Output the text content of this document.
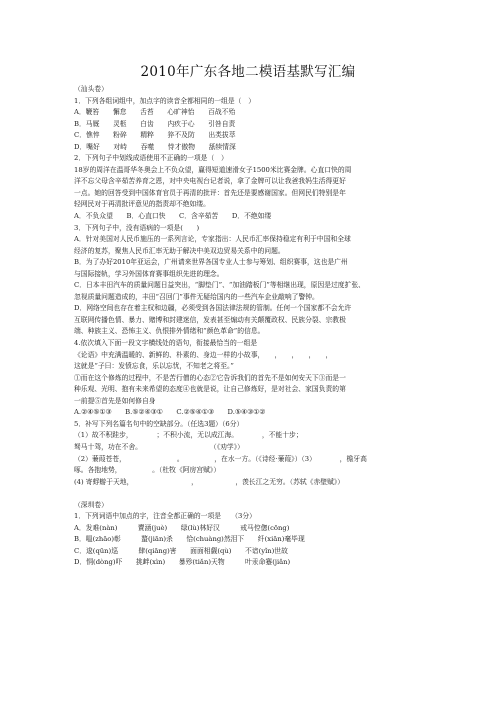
2010年广东各地二模语基默写汇编
（汕头卷）
1．下列各组词组中，加点字的读音全都相同的一组是（　）
A．鞭笞　　懈怠　　舌苔　　心旷神怡　　百战不殆
B．马厩　　灵柩　　白齿　　内疚于心　　引咎自责
C．憔悴　　粉碎　　精粹　　猝不及防　　出类拔萃
D．嘴好　　对峙　　吞噬　　恃才傲物　　舐犊情深
2．下列句子中划线成语使用不正确的一项是（　）
18岁的周洋在温哥华冬奥会上不负众望，赢得短道速滑女子1500米比赛金牌。心直口快的周
洋不忘父母含辛茹苦养育之恩，对中央电视台记者说，拿了金牌可以让我爸我妈生活得更好
一点。她的回答受到中国体育官员于再清的批评：首先还是要感谢国家。但网民们特别是年
轻网民对于再清批评意见的指责却不绝如缕。
A．不负众望　　B．心直口快　　C．含辛茹苦　　D．不绝如缕
3．下列句子中，没有语病的一项是(　　)
A．针对美国对人民币施压的一系列言论，专家指出：人民币汇率保持稳定有利于中国和全球
经济的复苏，聚焦人民币汇率无助于解决中美双边贸易关系中的问题。
B．为了办好2010年亚运会，广州请来世界各国专业人士参与筹划、组织赛事，这也是广州
与国际接轨，学习外国体育赛事组织先进的理念。
C．日本丰田汽车的质量问题日益突出，“脚垫门”、“加油踏板门”等相继出现，原因是过度扩张、
忽视质量问题造成的，丰田“召回门”事件无疑给国内的一些汽车企业敲响了警钟。
D．网络空间也存在着主权和边疆，必须受到各国法律法规的管制。任何一个国家都不会允许
互联网传播色情、暴力、赌博和封建迷信，发表甚至煽动有关颠覆政权、民族分裂、宗教极
端、种族主义、恐怖主义、仇恨排外情绪和“颜色革命”的信息。
4.依次填入下面一段文字横线处的语句，衔接最恰当的一组是
《论语》中充满温暖的、新鲜的、朴素的、身边一样的小故事，　　，　　，　　，　　，
这就是“子曰：发愤忘食，乐以忘忧，不知老之将至。”
①而在这个修炼的过程中，不是苦行僧的心态②它告诉我们的首先不是如何安天下③而是一
种乐观、光明、抱有未来希望的态度④也就是说，让自己修炼好，是对社会、家国负责的第
一前提⑤首先是如何修自身
A.②④⑤①③　　B.⑤②④③①　　C.②⑤④①③　　D.⑤④③①②
5．补写下列名篇名句中的空缺部分。（任选3题）（6分）
（1）故不积跬步，　　　　；不积小流，无以成江海。　　　　，不能十步；
驽马十驾，功在不舍。　　　　　　　　　　　（《劝学》）
（2）蒹葭苍苍，　　　　　　　　。　　　　　，在水一方。（《诗经·蒹葭》）（3）　　　　，檐牙高
啄。各抱地势，　　　　　。（杜牧《阿房宫赋》）
(4) 寄蜉蝣于天地，　　　　　　　　　，　　　　　　，羡长江之无穷。（苏轼《赤壁赋》）
（深圳卷）
1．下列词语中加点的字，注音全都正确的一项是　　（3分）
A．发难(nàn)　　　賣涵(juè)　　绿(lù)林好汉　　　戒马倥偬(cōng)
B．嗢(zhāo)彰　　　蝥(jiān)杀　　恰(chuàng)然泪下　　纤(xiān)毫毕现
C．逡(qūn)巡　　　肆(qiāng)害　　面面相觑(qù)　　不谙(yǐn)世故
D．恫(dòng)吓　　挑衅(xìn)　　暴殄(tiǎn)天物　　　叶汞命蹇(jiǎn)
